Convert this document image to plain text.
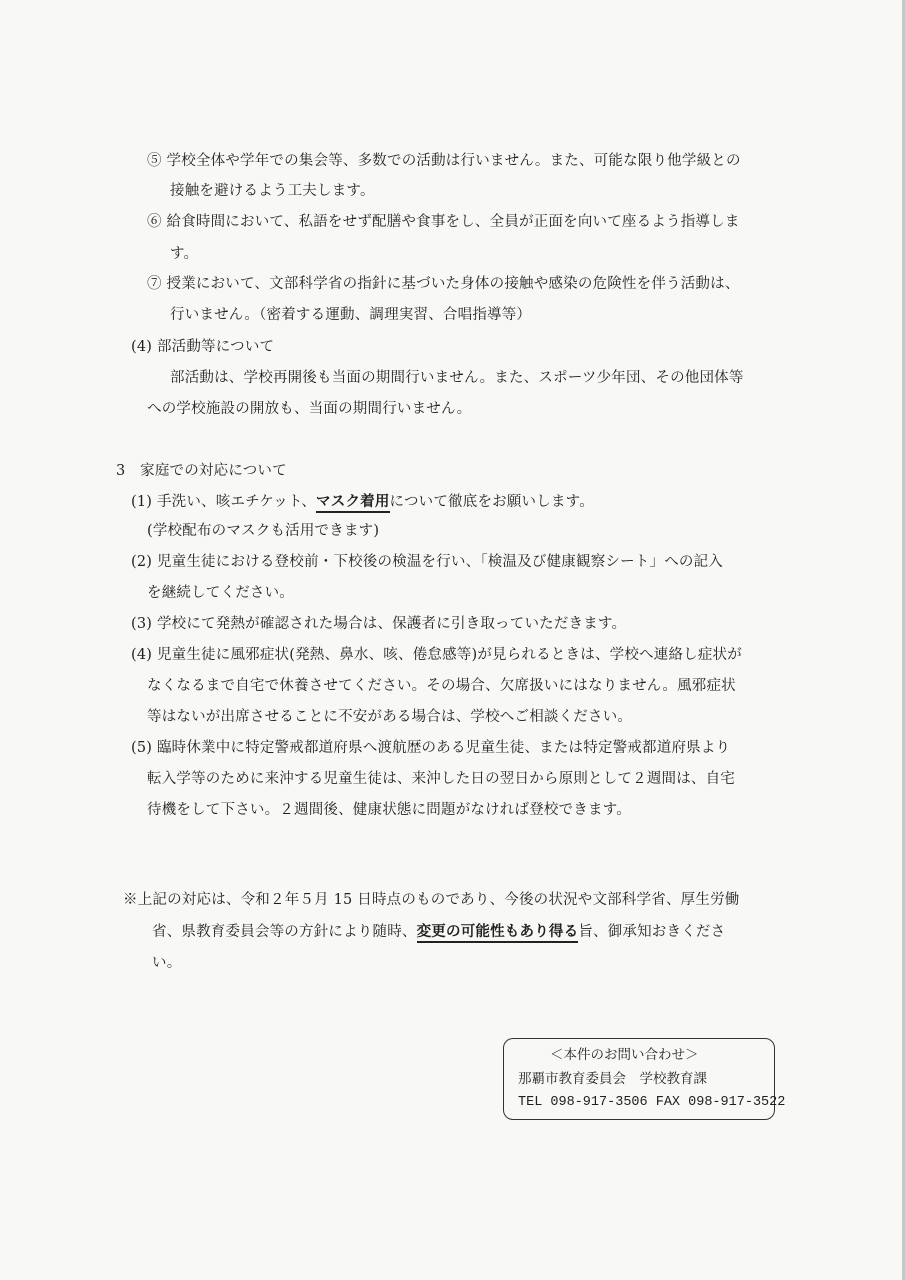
⑤ 学校全体や学年での集会等、多数での活動は行いません。また、可能な限り他学級との
接触を避けるよう工夫します。
⑥ 給食時間において、私語をせず配膳や食事をし、全員が正面を向いて座るよう指導しま
す。
⑦ 授業において、文部科学省の指針に基づいた身体の接触や感染の危険性を伴う活動は、
行いません。（密着する運動、調理実習、合唱指導等）
(4) 部活動等について
部活動は、学校再開後も当面の期間行いません。また、スポーツ少年団、その他団体等
への学校施設の開放も、当面の期間行いません。
3　家庭での対応について
(1) 手洗い、咳エチケット、マスク着用について徹底をお願いします。
(学校配布のマスクも活用できます)
(2) 児童生徒における登校前・下校後の検温を行い、「検温及び健康観察シート」への記入
を継続してください。
(3) 学校にて発熱が確認された場合は、保護者に引き取っていただきます。
(4) 児童生徒に風邪症状(発熱、鼻水、咳、倦怠感等)が見られるときは、学校へ連絡し症状が
なくなるまで自宅で休養させてください。その場合、欠席扱いにはなりません。風邪症状
等はないが出席させることに不安がある場合は、学校へご相談ください。
(5) 臨時休業中に特定警戒都道府県へ渡航歴のある児童生徒、または特定警戒都道府県より
転入学等のために来沖する児童生徒は、来沖した日の翌日から原則として２週間は、自宅
待機をして下さい。２週間後、健康状態に問題がなければ登校できます。
※上記の対応は、令和２年５月 15 日時点のものであり、今後の状況や文部科学省、厚生労働
省、県教育委員会等の方針により随時、変更の可能性もあり得る旨、御承知おきくださ
い。
＜本件のお問い合わせ＞
那覇市教育委員会　学校教育課
TEL 098-917-3506 FAX 098-917-3522
